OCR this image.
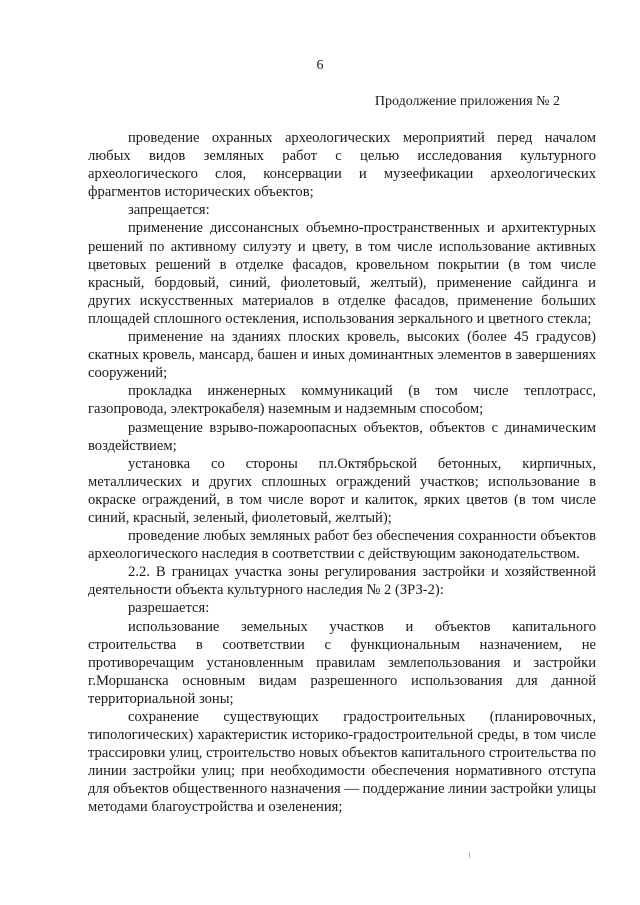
6
Продолжение приложения № 2

проведение охранных археологических мероприятий перед началом любых видов земляных работ с целью исследования культурного археологического слоя, консервации и музеефикации археологических фрагментов исторических объектов;

запрещается:

применение диссонансных объемно-пространственных и архитектурных решений по активному силуэту и цвету, в том числе использование активных цветовых решений в отделке фасадов, кровельном покрытии (в том числе красный, бордовый, синий, фиолетовый, желтый), применение сайдинга и других искусственных материалов в отделке фасадов, применение больших площадей сплошного остекления, использования зеркального и цветного стекла;

применение на зданиях плоских кровель, высоких (более 45 градусов) скатных кровель, мансард, башен и иных доминантных элементов в завершениях сооружений;

прокладка инженерных коммуникаций (в том числе теплотрасс, газопровода, электрокабеля) наземным и надземным способом;

размещение взрыво-пожароопасных объектов, объектов с динамическим воздействием;

установка со стороны пл.Октябрьской бетонных, кирпичных, металлических и других сплошных ограждений участков; использование в окраске ограждений, в том числе ворот и калиток, ярких цветов (в том числе синий, красный, зеленый, фиолетовый, желтый);

проведение любых земляных работ без обеспечения сохранности объектов археологического наследия в соответствии с действующим законодательством.

2.2. В границах участка зоны регулирования застройки и хозяйственной деятельности объекта культурного наследия № 2 (ЗРЗ-2):

разрешается:

использование земельных участков и объектов капитального строительства в соответствии с функциональным назначением, не противоречащим установленным правилам землепользования и застройки г.Моршанска основным видам разрешенного использования для данной территориальной зоны;

сохранение существующих градостроительных (планировочных, типологических) характеристик историко-градостроительной среды, в том числе трассировки улиц, строительство новых объектов капитального строительства по линии застройки улиц; при необходимости обеспечения нормативного отступа для объектов общественного назначения — поддержание линии застройки улицы методами благоустройства и озеленения;
